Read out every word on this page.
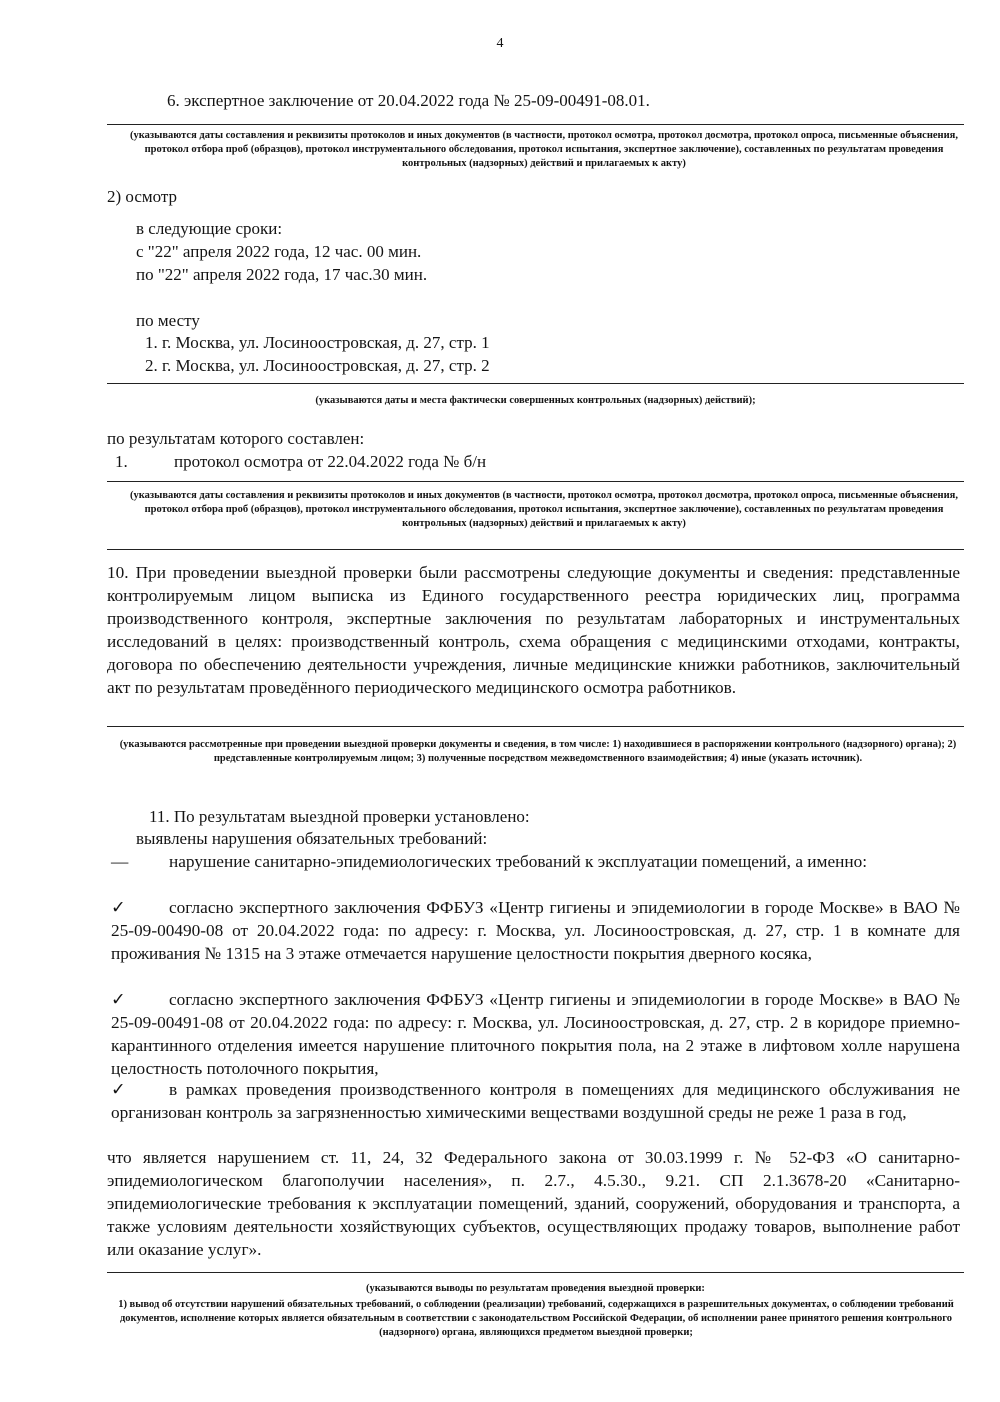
4
6. экспертное заключение от 20.04.2022 года № 25-09-00491-08.01.
(указываются даты составления и реквизиты протоколов и иных документов (в частности, протокол осмотра, протокол досмотра, протокол опроса, письменные объяснения, протокол отбора проб (образцов), протокол инструментального обследования, протокол испытания, экспертное заключение), составленных по результатам проведения контрольных (надзорных) действий и прилагаемых к акту)
2) осмотр
в следующие сроки:
с "22" апреля 2022 года, 12 час. 00 мин.
по "22" апреля 2022 года, 17 час.30 мин.
по месту
1. г. Москва, ул. Лосиноостровская, д. 27, стр. 1
2. г. Москва, ул. Лосиноостровская, д. 27, стр. 2
(указываются даты и места фактически совершенных контрольных (надзорных) действий);
по результатам которого составлен:
1.	протокол осмотра от 22.04.2022 года № б/н
(указываются даты составления и реквизиты протоколов и иных документов (в частности, протокол осмотра, протокол досмотра, протокол опроса, письменные объяснения, протокол отбора проб (образцов), протокол инструментального обследования, протокол испытания, экспертное заключение), составленных по результатам проведения контрольных (надзорных) действий и прилагаемых к акту)
10. При проведении выездной проверки были рассмотрены следующие документы и сведения: представленные контролируемым лицом выписка из Единого государственного реестра юридических лиц, программа производственного контроля, экспертные заключения по результатам лабораторных и инструментальных исследований в целях: производственный контроль, схема обращения с медицинскими отходами, контракты, договора по обеспечению деятельности учреждения, личные медицинские книжки работников, заключительный акт по результатам проведённого периодического медицинского осмотра работников.
(указываются рассмотренные при проведении выездной проверки документы и сведения, в том числе: 1) находившиеся в распоряжении контрольного (надзорного) органа); 2) представленные контролируемым лицом; 3) полученные посредством межведомственного взаимодействия; 4) иные (указать источник).
11. По результатам выездной проверки установлено:
выявлены нарушения обязательных требований:
— нарушение санитарно-эпидемиологических требований к эксплуатации помещений, а именно:
✓	согласно экспертного заключения ФФБУЗ «Центр гигиены и эпидемиологии в городе Москве» в ВАО № 25-09-00490-08 от 20.04.2022 года: по адресу: г. Москва, ул. Лосиноостровская, д. 27, стр. 1 в комнате для проживания № 1315 на 3 этаже отмечается нарушение целостности покрытия дверного косяка,
✓	согласно экспертного заключения ФФБУЗ «Центр гигиены и эпидемиологии в городе Москве» в ВАО № 25-09-00491-08 от 20.04.2022 года: по адресу: г. Москва, ул. Лосиноостровская, д. 27, стр. 2 в коридоре приемно-карантинного отделения имеется нарушение плиточного покрытия пола, на 2 этаже в лифтовом холле нарушена целостность потолочного покрытия,
✓	в рамках проведения производственного контроля в помещениях для медицинского обслуживания не организован контроль за загрязненностью химическими веществами воздушной среды не реже 1 раза в год,
что является нарушением ст. 11, 24, 32 Федерального закона от 30.03.1999 г. № 52-ФЗ «О санитарно-эпидемиологическом благополучии населения», п. 2.7., 4.5.30., 9.21. СП 2.1.3678-20 «Санитарно-эпидемиологические требования к эксплуатации помещений, зданий, сооружений, оборудования и транспорта, а также условиям деятельности хозяйствующих субъектов, осуществляющих продажу товаров, выполнение работ или оказание услуг».
(указываются выводы по результатам проведения выездной проверки:
1) вывод об отсутствии нарушений обязательных требований, о соблюдении (реализации) требований, содержащихся в разрешительных документах, о соблюдении требований документов, исполнение которых является обязательным в соответствии с законодательством Российской Федерации, об исполнении ранее принятого решения контрольного (надзорного) органа, являющихся предметом выездной проверки;
